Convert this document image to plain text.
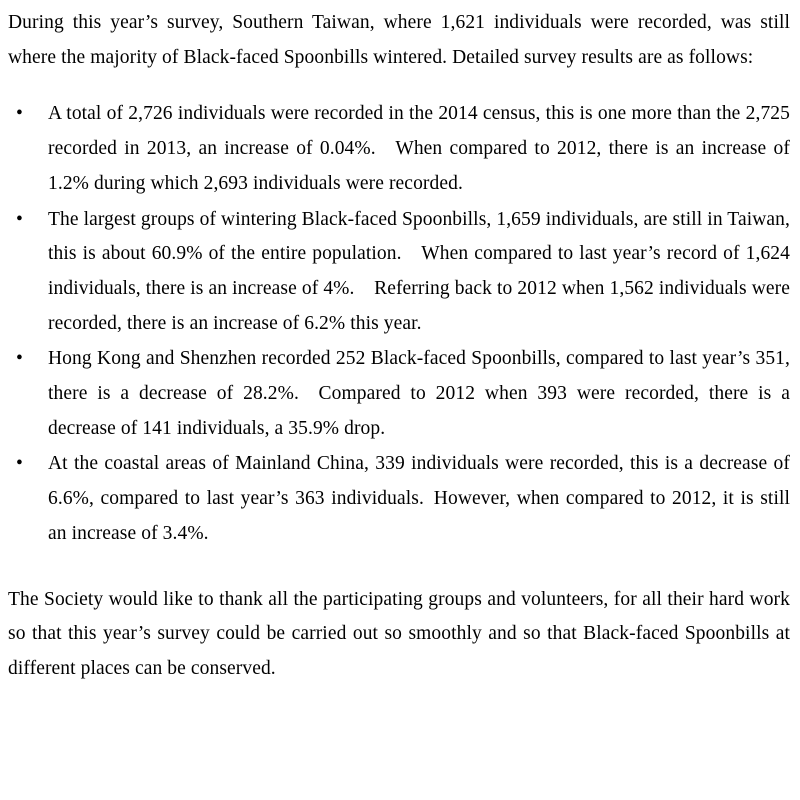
During this year’s survey, Southern Taiwan, where 1,621 individuals were recorded, was still where the majority of Black-faced Spoonbills wintered. Detailed survey results are as follows:

• A total of 2,726 individuals were recorded in the 2014 census, this is one more than the 2,725 recorded in 2013, an increase of 0.04%. When compared to 2012, there is an increase of 1.2% during which 2,693 individuals were recorded.
• The largest groups of wintering Black-faced Spoonbills, 1,659 individuals, are still in Taiwan, this is about 60.9% of the entire population. When compared to last year’s record of 1,624 individuals, there is an increase of 4%. Referring back to 2012 when 1,562 individuals were recorded, there is an increase of 6.2% this year.
• Hong Kong and Shenzhen recorded 252 Black-faced Spoonbills, compared to last year’s 351, there is a decrease of 28.2%. Compared to 2012 when 393 were recorded, there is a decrease of 141 individuals, a 35.9% drop.
• At the coastal areas of Mainland China, 339 individuals were recorded, this is a decrease of 6.6%, compared to last year’s 363 individuals. However, when compared to 2012, it is still an increase of 3.4%.

The Society would like to thank all the participating groups and volunteers, for all their hard work so that this year’s survey could be carried out so smoothly and so that Black-faced Spoonbills at different places can be conserved.
